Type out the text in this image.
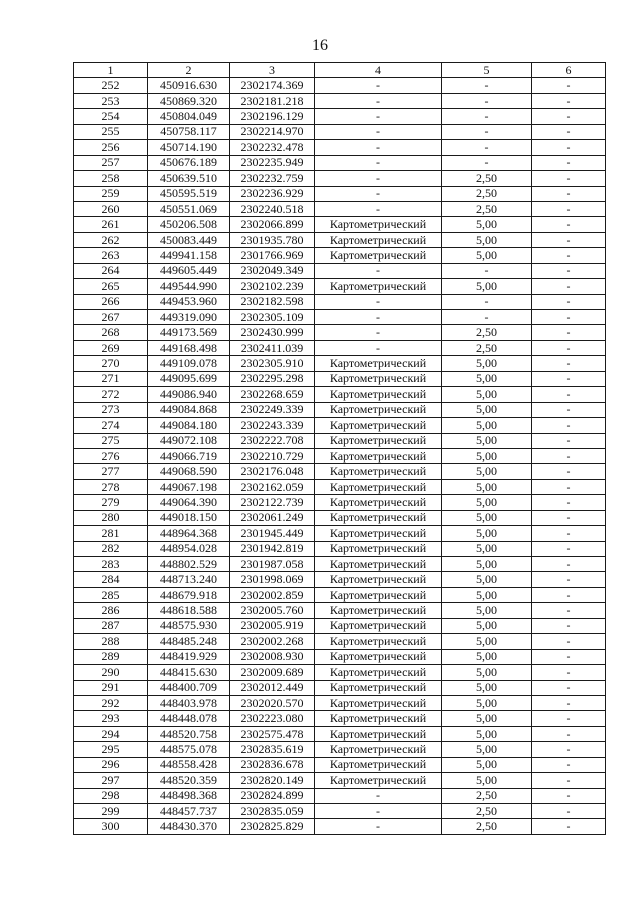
16
1	2	3	4	5	6
252	450916.630	2302174.369	-	-	-
253	450869.320	2302181.218	-	-	-
254	450804.049	2302196.129	-	-	-
255	450758.117	2302214.970	-	-	-
256	450714.190	2302232.478	-	-	-
257	450676.189	2302235.949	-	-	-
258	450639.510	2302232.759	-	2,50	-
259	450595.519	2302236.929	-	2,50	-
260	450551.069	2302240.518	-	2,50	-
261	450206.508	2302066.899	Картометрический	5,00	-
262	450083.449	2301935.780	Картометрический	5,00	-
263	449941.158	2301766.969	Картометрический	5,00	-
264	449605.449	2302049.349	-	-	-
265	449544.990	2302102.239	Картометрический	5,00	-
266	449453.960	2302182.598	-	-	-
267	449319.090	2302305.109	-	-	-
268	449173.569	2302430.999	-	2,50	-
269	449168.498	2302411.039	-	2,50	-
270	449109.078	2302305.910	Картометрический	5,00	-
271	449095.699	2302295.298	Картометрический	5,00	-
272	449086.940	2302268.659	Картометрический	5,00	-
273	449084.868	2302249.339	Картометрический	5,00	-
274	449084.180	2302243.339	Картометрический	5,00	-
275	449072.108	2302222.708	Картометрический	5,00	-
276	449066.719	2302210.729	Картометрический	5,00	-
277	449068.590	2302176.048	Картометрический	5,00	-
278	449067.198	2302162.059	Картометрический	5,00	-
279	449064.390	2302122.739	Картометрический	5,00	-
280	449018.150	2302061.249	Картометрический	5,00	-
281	448964.368	2301945.449	Картометрический	5,00	-
282	448954.028	2301942.819	Картометрический	5,00	-
283	448802.529	2301987.058	Картометрический	5,00	-
284	448713.240	2301998.069	Картометрический	5,00	-
285	448679.918	2302002.859	Картометрический	5,00	-
286	448618.588	2302005.760	Картометрический	5,00	-
287	448575.930	2302005.919	Картометрический	5,00	-
288	448485.248	2302002.268	Картометрический	5,00	-
289	448419.929	2302008.930	Картометрический	5,00	-
290	448415.630	2302009.689	Картометрический	5,00	-
291	448400.709	2302012.449	Картометрический	5,00	-
292	448403.978	2302020.570	Картометрический	5,00	-
293	448448.078	2302223.080	Картометрический	5,00	-
294	448520.758	2302575.478	Картометрический	5,00	-
295	448575.078	2302835.619	Картометрический	5,00	-
296	448558.428	2302836.678	Картометрический	5,00	-
297	448520.359	2302820.149	Картометрический	5,00	-
298	448498.368	2302824.899	-	2,50	-
299	448457.737	2302835.059	-	2,50	-
300	448430.370	2302825.829	-	2,50	-
